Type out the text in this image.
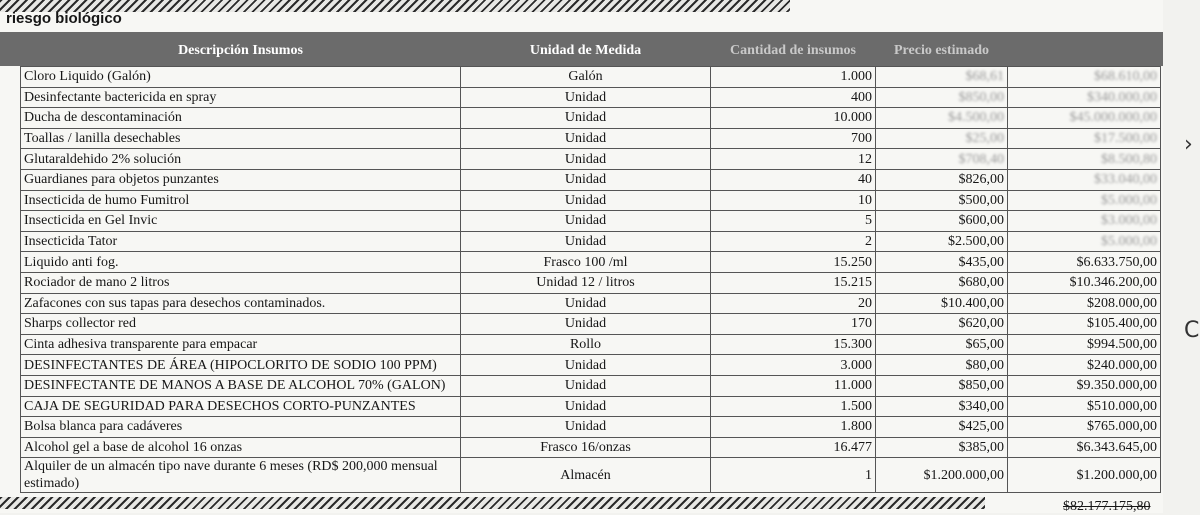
riesgo biológico
Descripción Insumos	Unidad de Medida	Cantidad de insumos	Precio estimado	
Cloro Liquido (Galón)	Galón	1.000	$68,61	$68.610,00
Desinfectante bactericida en spray	Unidad	400	$850,00	$340.000,00
Ducha de descontaminación	Unidad	10.000	$4.500,00	$45.000.000,00
Toallas / lanilla desechables	Unidad	700	$25,00	$17.500,00
Glutaraldehido 2% solución	Unidad	12	$708,40	$8.500,80
Guardianes para objetos punzantes	Unidad	40	$826,00	$33.040,00
Insecticida de humo Fumitrol	Unidad	10	$500,00	$5.000,00
Insecticida en Gel Invic	Unidad	5	$600,00	$3.000,00
Insecticida Tator	Unidad	2	$2.500,00	$5.000,00
Liquido anti fog.	Frasco 100 /ml	15.250	$435,00	$6.633.750,00
Rociador de mano 2 litros	Unidad 12 / litros	15.215	$680,00	$10.346.200,00
Zafacones con sus tapas para desechos contaminados.	Unidad	20	$10.400,00	$208.000,00
Sharps collector red	Unidad	170	$620,00	$105.400,00
Cinta adhesiva transparente para empacar	Rollo	15.300	$65,00	$994.500,00
DESINFECTANTES DE ÁREA (HIPOCLORITO DE SODIO 100 PPM)	Unidad	3.000	$80,00	$240.000,00
DESINFECTANTE DE MANOS A BASE DE ALCOHOL 70% (GALON)	Unidad	11.000	$850,00	$9.350.000,00
CAJA DE SEGURIDAD PARA DESECHOS CORTO-PUNZANTES	Unidad	1.500	$340,00	$510.000,00
Bolsa blanca para cadáveres	Unidad	1.800	$425,00	$765.000,00
Alcohol gel a base de alcohol 16 onzas	Frasco 16/onzas	16.477	$385,00	$6.343.645,00
Alquiler de un almacén tipo nave durante 6 meses (RD$ 200,000 mensual estimado)	Almacén	1	$1.200.000,00	$1.200.000,00
$82.177.175,80
›
C
